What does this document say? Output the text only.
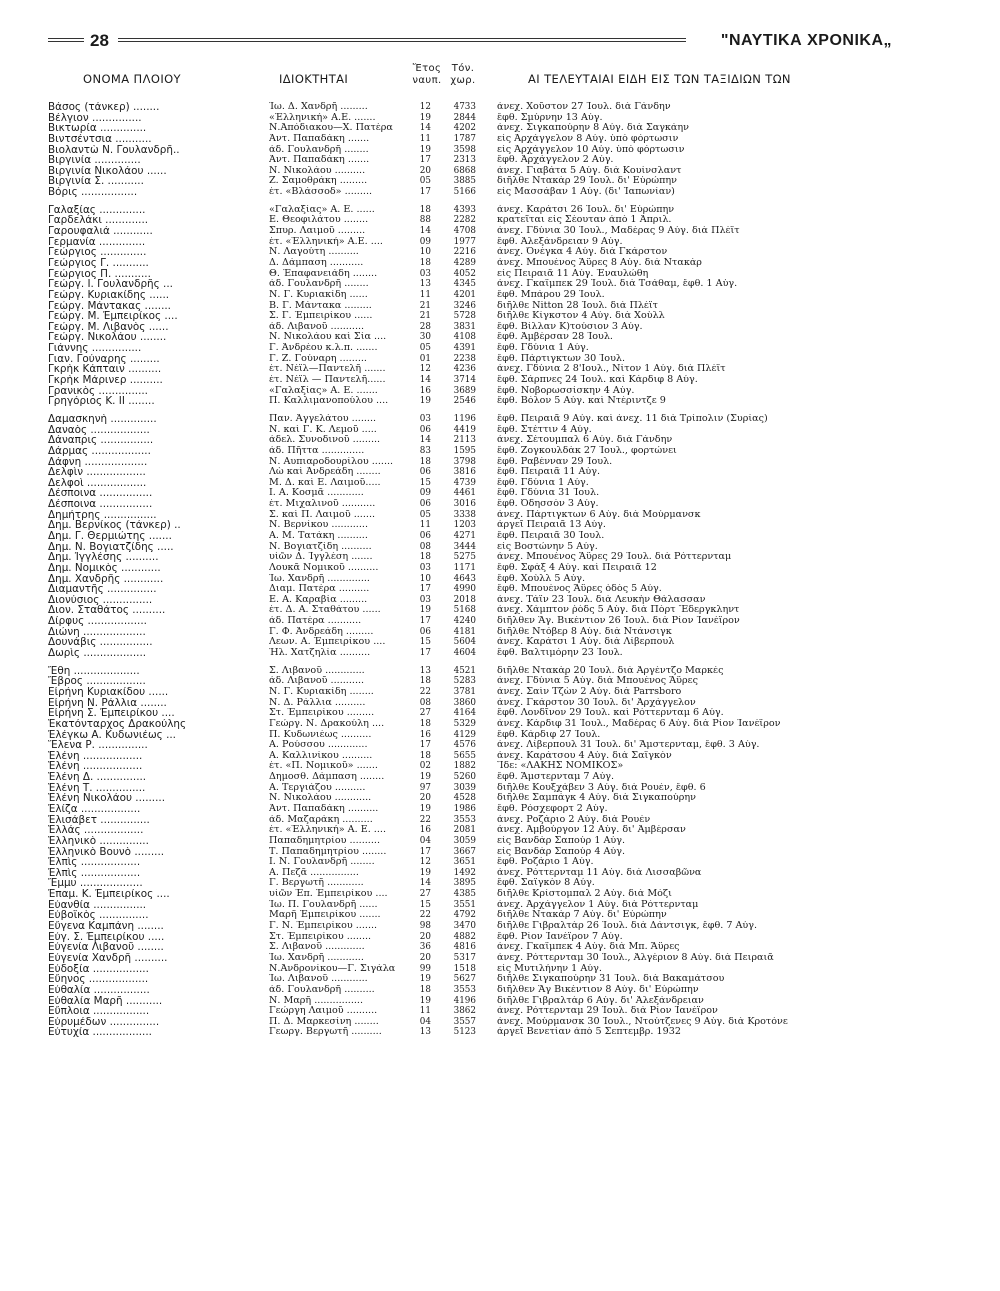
28	"ΝΑΥΤΙΚΑ ΧΡΟΝΙΚΑ„
ΟΝΟΜΑ ΠΛΟΙΟΥ	ΙΔΙΟΚΤΗΤΑΙ
Ἔτος
ναυπ.
Τόν.
χωρ.	ΑΙ ΤΕΛΕΥΤΑΙΑΙ ΕΙΔΗ ΕΙΣ ΤΩΝ ΤΑΞΙΔΙΩΝ ΤΩΝ
Βάσος (τάνκερ) ........	Ἰω. Δ. Χανδρῆ .........	12	4733 ἀνεχ. Χοῦστον 27 Ἰουλ. διὰ Γάνδην
Βέλγιον ...............	«Ἑλληνική» Α.Ε. .......	19	2844 ἔφθ. Σμύρνην 13 Αὐγ.
Βικτωρία ..............	Ν.Ἀπόδιακου—Χ. Πατέρα	14	4202 ἀνεχ. Σιγκαπούρην 8 Αὐγ. διὰ Σαγκάην
Βιντσέντσια ...........	Ἀντ. Παπαδάκη .......	11	1787 εἰς Ἀρχάγγελον 8 Αὐγ. ὑπὸ φόρτωσιν
Βιολαντὼ Ν. Γουλανδρῆ..	ἀδ. Γουλανδρῆ ........	19	3598 εἰς Ἀρχάγγελον 10 Αὐγ. ὑπὸ φόρτωσιν
Βιργινία ..............	Ἀντ. Παπαδάκη .......	17	2313 ἔφθ. Ἀρχάγγελον 2 Αὐγ.
Βιργινία Νικολάου ......	Ν. Νικολάου ..........	20	6868 ἀνεχ. Γιαβάτα 5 Αὐγ. διὰ Κουίνσλαντ
Βιργινία Σ. ...........	Ζ. Σαμοθράκη .........	05	3885 διῆλθε Ντακὰρ 29 Ἰουλ. δι' Εὐρώπην
Βόρις .................	ἑτ. «Βλάσσοδ» .........	17	5166 εἰς Μασσάβαν 1 Αὐγ. (δι' Ἰαπωνίαν)
Γαλαξίας ..............	«Γαλαξίας» Α. Ε. ......	18	4393 ἀνεχ. Καράτσι 26 Ἰουλ. δι' Εὐρώπην
Γαρδελάκι .............	Ε. Θεοφιλάτου ........	88	2282 κρατεῖται εἰς Σέουταν ἀπὸ 1 Ἀπριλ.
Γαρουφαλιά ............	Σπυρ. Λαιμοῦ .........	14	4708 ἀνεχ. Γδύνια 30 Ἰουλ., Μαδέρας 9 Αὐγ. διὰ Πλέϊτ
Γερμανία ..............	ἑτ. «Ἑλληνική» Α.Ε. ....	09	1977 ἔφθ. Ἀλεξάνδρειαν 9 Αὐγ.
Γεώργιος ..............	Ν. Λαγούτη ..........	10	2216 ἀνεχ. Ὀνέγκα 4 Αὐγ. διὰ Γκάρστον
Γεώργιος Γ. ...........	Δ. Δάμπαση ...........	18	4289 ἀνεχ. Μπουένος Ἄϋρες 8 Αὐγ. διὰ Ντακὰρ
Γεώργιος Π. ...........	Θ. Ἐπαφανειάδη ........	03	4052 εἰς Πειραιᾶ 11 Αὐγ. Ἐναυλώθη
Γεώργ. Ι. Γουλανδρῆς ...	ἀδ. Γουλανδρῆ ........	13	4345 ἀνεχ. Γκαϊμπεκ 29 Ἰουλ. διὰ Τσάθαμ, ἔφθ. 1 Αὐγ.
Γεώργ. Κυριακίδης ......	Ν. Γ. Κυριακίδη ......	11	4201 ἔφθ. Μπάρου 29 Ἰουλ.
Γεώργ. Μάντακας ........	Β. Γ. Μάντακα .........	21	3246 διῆλθε Nitton 28 Ἰουλ. διὰ Πλέϊτ
Γεώργ. Μ. Ἐμπειρίκος ....	Σ. Γ. Ἐμπειρίκου ......	21	5728 διῆλθε Κίγκστον 4 Αὐγ. διὰ Χοὺλλ
Γεώργ. Μ. Λιβανὸς ......	ἀδ. Λιβανοῦ ...........	28	3831 ἔφθ. Βίλλαν Κ)τούσιον 3 Αὐγ.
Γεώργ. Νικολάου ........	Ν. Νικολάου καὶ Σία ....	30	4108 ἔφθ. Ἀμβέρσαν 28 Ἰουλ.
Γιάννης ...............	Γ. Ἀνδρέου κ.λ.π. .......	05	4391 ἔφθ. Γδύνια 1 Αὐγ.
Γιαν. Γούναρης .........	Γ. Ζ. Γούναρη .........	01	2238 ἔφθ. Πάρτιγκτων 30 Ἰουλ.
Γκρὴκ Κάπταιν ..........	ἑτ. Νέϊλ—Παντελῆ .......	12	4236 ἀνεχ. Γδύνια 2 8'Ιουλ., Νίτον 1 Αὐγ. διὰ Πλέϊτ
Γκρὴκ Μάρινερ ..........	ἑτ. Νέϊλ — Παντελῆ......	14	3714 ἔφθ. Σάρπνες 24 Ἰουλ. καὶ Κάρδιφ 8 Αὐγ.
Γρανικὸς ...............	«Γαλαξίας» Α. Ε. .......	16	3689 ἔφθ. Νοβορωσσίσκην 4 Αὐγ.
Γρηγόριος Κ. ΙΙ ........	Π. Καλλιμανοπούλου ....	19	2546 ἔφθ. Βόλον 5 Αὐγ. καὶ Ντέριντζε 9
Δαμασκηνὴ ..............	Παν. Ἀγγελάτου ........	03	1196 ἔφθ. Πειραιᾶ 9 Αὐγ. καὶ ἀνεχ. 11 διὰ Τρίπολιν (Συρίας)
Δαναὸς ..................	Ν. καὶ Γ. Κ. Λεμοῦ .....	06	4419 ἔφθ. Στέττιν 4 Αὐγ.
Δάναπρις ................	ἀδελ. Συνοδινοῦ .........	14	2113 ἀνεχ. Σέτουμπαλ 6 Αὐγ. διὰ Γάνδην
Δάρμας ..................	ἀδ. Πῆττα ..............	83	1595 ἔφθ. Ζογκουλδὰκ 27 Ἰουλ., φορτώνει
Δάφνη ...................	Ν. Αυπιαροδουρίλου .......	18	3798 ἔφθ. Ραβένναν 29 Ἰουλ.
Δελφὶν ..................	Λὼ καὶ Ἀνδρεάδη ........	06	3816 ἔφθ. Πειραιᾶ 11 Αὐγ.
Δελφοὶ ..................	Μ. Δ. καὶ Ε. Λαιμοῦ.....	15	4739 ἔφθ. Γδύνια 1 Αὐγ.
Δέσποινα ................	Ι. Α. Κοσμᾶ ............	09	4461 ἔφθ. Γδύνια 31 Ἰουλ.
Δέσποινα ................	ἑτ. Μιχαλινοῦ ...........	06	3016 ἔφθ. Ὀδησσὸν 3 Αὐγ.
Δημήτρης ................	Σ. καὶ Π. Λαιμοῦ .......	05	3338 ἀνεχ. Πάρτιγκτων 6 Αὐγ. διὰ Μούρμανσκ
Δημ. Βερνίκος (τάνκερ) ..	Ν. Βερνίκου ............	11	1203 ἀργεῖ Πειραιᾶ 13 Αὐγ.
Δημ. Γ. Θερμιώτης .......	Α. Μ. Τατάκη ..........	06	4271 ἔφθ. Πειραιᾶ 30 Ἰουλ.
Δημ. Ν. Βογιατζίδης .....	Ν. Βογιατζίδη ..........	08	3444 εἰς Βοστώνην 5 Αὐγ.
Δημ. Ἰγγλέσης ..........	υἱῶν Δ. Ἰγγλέση .......	18	5275 ἀνεχ. Μπουένος Ἄϋρες 29 Ἰουλ. διὰ Ρόττερνταμ
Δημ. Νομικὸς ............	Λουκᾶ Νομικοῦ ..........	03	1171 ἔφθ. Σφὰξ 4 Αὐγ. καὶ Πειραιᾶ 12
Δημ. Χανδρῆς ............	Ἰω. Χανδρῆ ..............	10	4643 ἔφθ. Χοὺλλ 5 Αὐγ.
Διαμαντῆς ...............	Διαμ. Πατέρα ..........	17	4990 ἔφθ. Μπουένος Ἄϋρες ὁδὸς 5 Αὐγ.
Διονύσιος ...............	Ε. Α. Καραβία .........	03	2018 ἀνεχ. Τάϊν 23 Ἰουλ. διὰ Λευκὴν Θάλασσαν
Διον. Σταθάτος ..........	ἑτ. Δ. Α. Σταθάτου ......	19	5168 ἀνεχ. Χάμπτον ῥὸδς 5 Αὐγ. διὰ Πὸρτ Ἔδεργκληντ
Δίρφυς ..................	ἀδ. Πατέρα ...........	17	4240 διῆλθεν Ἅγ. Βικέντιον 26 Ἰουλ. διὰ Ρίον Ἰανέϊρον
Διώνη ...................	Γ. Φ. Ἀνδρεάδη .........	06	4181 διῆλθε Ντόβερ 8 Αὐγ. διὰ Ντάνσιγκ
Δουνάβις ................	Λεων. Α. Ἐμπειρίκου ....	15	5604 ἀνεχ. Καράτσι 1 Αὐγ. διὰ Λίβερπουλ
Δωρὶς ...................	Ἠλ. Χατζηλία ..........	17	4604 ἔφθ. Βαλτιμόρην 23 Ἰουλ.
Ἔθη ....................	Σ. Λιβανοῦ .............	13	4521 διῆλθε Ντακὰρ 20 Ἰουλ. διὰ Ἀργέντζο Μαρκὲς
Ἔβρος ..................	ἀδ. Λιβανοῦ ...........	18	5283 ἀνεχ. Γδύνια 5 Αὐγ. διὰ Μπουένος Ἄϋρες
Εἰρήνη Κυριακίδου ......	Ν. Γ. Κυριακίδη ........	22	3781 ἀνεχ. Σαὶν Τζὼν 2 Αὐγ. διὰ Parrsboro
Εἰρήνη Ν. Ράλλια ........	Ν. Δ. Ράλλια ..........	08	3860 ἀνεχ. Γκάρστον 30 Ἰουλ. δι' Ἀρχάγγελον
Εἰρήνη Σ. Ἐμπειρίκου ....	Στ. Ἐμπειρίκου .........	27	4164 ἔφθ. Λονδῖνον 29 Ἰουλ. καὶ Ρόττερνταμ 6 Αὐγ.
Ἑκατόνταρχος Δρακούλης	Γεώργ. Ν. Δρακούλη ....	18	5329 ἀνεχ. Κάρδιφ 31 Ἰουλ., Μαδέρας 6 Αὐγ. διὰ Ρίον Ἰανέϊρον
Ἐλέγκω Α. Κυδωνιέως ...	Π. Κυδωνιέως ..........	16	4129 ἔφθ. Κάρδιφ 27 Ἰουλ.
Ἕλενα Ρ. ...............	Α. Ρούσσου .............	17	4576 ἀνεχ. Λίβερπουλ 31 Ἰουλ. δι' Ἄμστερνταμ, ἔφθ. 3 Αὐγ.
Ἑλένη ..................	Α. Καλλινίκου ..........	18	5655 ἀνεχ. Καράτσου 4 Αὐγ. διὰ Σαϊγκὸν
Ἑλένη ..................	ἑτ. «Π. Νομικοῦ» .......	02	1882 Ἴδε: «ΛΑΚΗΣ ΝΟΜΙΚΟΣ»
Ἑλένη Δ. ...............	Δημοσθ. Δάμπαση ........	19	5260 ἔφθ. Ἄμστερνταμ 7 Αὐγ.
Ἑλένη Τ. ...............	Α. Τεργιάζου ..........	97	3039 διῆλθε Κουξχάβεν 3 Αὐγ. διὰ Ρουὲν, ἔφθ. 6
Ἑλένη Νικολάου .........	Ν. Νικολάου ............	20	4528 διῆλθε Σαμπάγκ 4 Αὐγ. διὰ Σιγκαπούρην
Ἐλίζα ..................	Ἀντ. Παπαδάκη ..........	19	1986 ἔφθ. Ρόσχεφορτ 2 Αὐγ.
Ἐλισάβετ ...............	ἀδ. Μαζαράκη ..........	22	3553 ἀνεχ. Ροζάριο 2 Αὐγ. διὰ Ρουὲν
Ἑλλάς ..................	ἑτ. «Ἑλληνική» Α. Ε. ....	16	2081 ἀνεχ. Ἀμβούργον 12 Αὐγ. δι' Ἀμβέρσαν
Ἑλληνικὸ ...............	Παπαδημητρίου ..........	04	3059 εἰς Βανδὰρ Σαπούρ 1 Αὐγ.
Ἑλληνικὸ Βουνὸ .........	Τ. Παπαδημητρίου ........	17	3667 εἰς Βανδὰρ Σαπούρ 4 Αὐγ.
Ἐλπὶς ..................	Ι. Ν. Γουλανδρῆ ........	12	3651 ἔφθ. Ροζάριο 1 Αὐγ.
Ἐλπὶς ..................	Α. Πεζᾶ ................	19	1492 ἀνεχ. Ρόττερνταμ 11 Αὐγ. διὰ Λισσαβῶνα
Ἔμμυ ...................	Γ. Βεργωτῆ ............	14	3895 ἔφθ. Σαϊγκὸν 8 Αὐγ.
Ἐπαμ. Κ. Ἐμπειρίκος ....	υἱῶν Ἐπ. Ἐμπειρίκου ....	27	4385 διῆλθε Κρίστομπαλ 2 Αὐγ. διὰ Μόζι
Εὐανθία ................	Ἰω. Π. Γουλανδρῆ ......	15	3551 ἀνεχ. Ἀρχάγγελον 1 Αὐγ. διὰ Ρόττερνταμ
Εὐβοϊκὸς ...............	Μαρῆ Ἐμπειρίκου .......	22	4792 διῆλθε Ντακὰρ 7 Αὐγ. δι' Εὐρώπην
Εὔγενα Καμπάνη ........	Γ. Ν. Ἐμπειρίκου .......	98	3470 διῆλθε Γιβραλτὰρ 26 Ἰουλ. διὰ Δάντσιγκ, ἔφθ. 7 Αὐγ.
Εὐγ. Σ. Ἐμπειρίκου .....	Στ. Ἐμπειρίκου ........	20	4882 ἔφθ. Ρίον Ἰανέϊρον 7 Αὐγ.
Εὐγενία Λιβανοῦ ........	Σ. Λιβανοῦ .............	36	4816 ἀνεχ. Γκαϊμπεκ 4 Αὐγ. διὰ Μπ. Ἄϋρες
Εὐγενία Χανδρῆ ..........	Ἰω. Χανδρῆ ............	20	5317 ἀνεχ. Ρόττερνταμ 30 Ἰουλ., Ἀλγέριον 8 Αὐγ. διὰ Πειραιᾶ
Εὐδοξία .................	Ν.Ἀνδρονίκου—Γ. Σιγάλα	99	1518 εἰς Μυτιλήνην 1 Αὐγ.
Εὔηνος ..................	Ἰω. Λιβανοῦ ............	19	5627 διῆλθε Σιγκαπούρην 31 Ἰουλ. διὰ Βακαμάτσου
Εὐθαλία .................	ἀδ. Γουλανδρῆ ..........	18	3553 διῆλθεν Ἅγ Βικέντιον 8 Αὐγ. δι' Εὐρώπην
Εὐθαλία Μαρῆ ...........	Ν. Μαρῆ ................	19	4196 διῆλθε Γιβραλτὰρ 6 Αὐγ. δι' Ἀλεξάνδρειαν
Εὔπλοια .................	Γεώργη Λαιμοῦ ..........	11	3862 ἀνεχ. Ρόττερνταμ 29 Ἰουλ. διὰ Ρίον Ἰανέϊρον
Εὐρυμέδων ...............	Π. Δ. Μαρκεσίνη ........	04	3557 ἀνεχ. Μούρμανσκ 30 Ἰουλ., Ντούτζενες 9 Αὐγ. διὰ Κροτόνε
Εὐτυχία ..................	Γεωργ. Βεργωτῆ ..........	13	5123 ἀργεῖ Βενετίαν ἀπὸ 5 Σεπτεμβρ. 1932
